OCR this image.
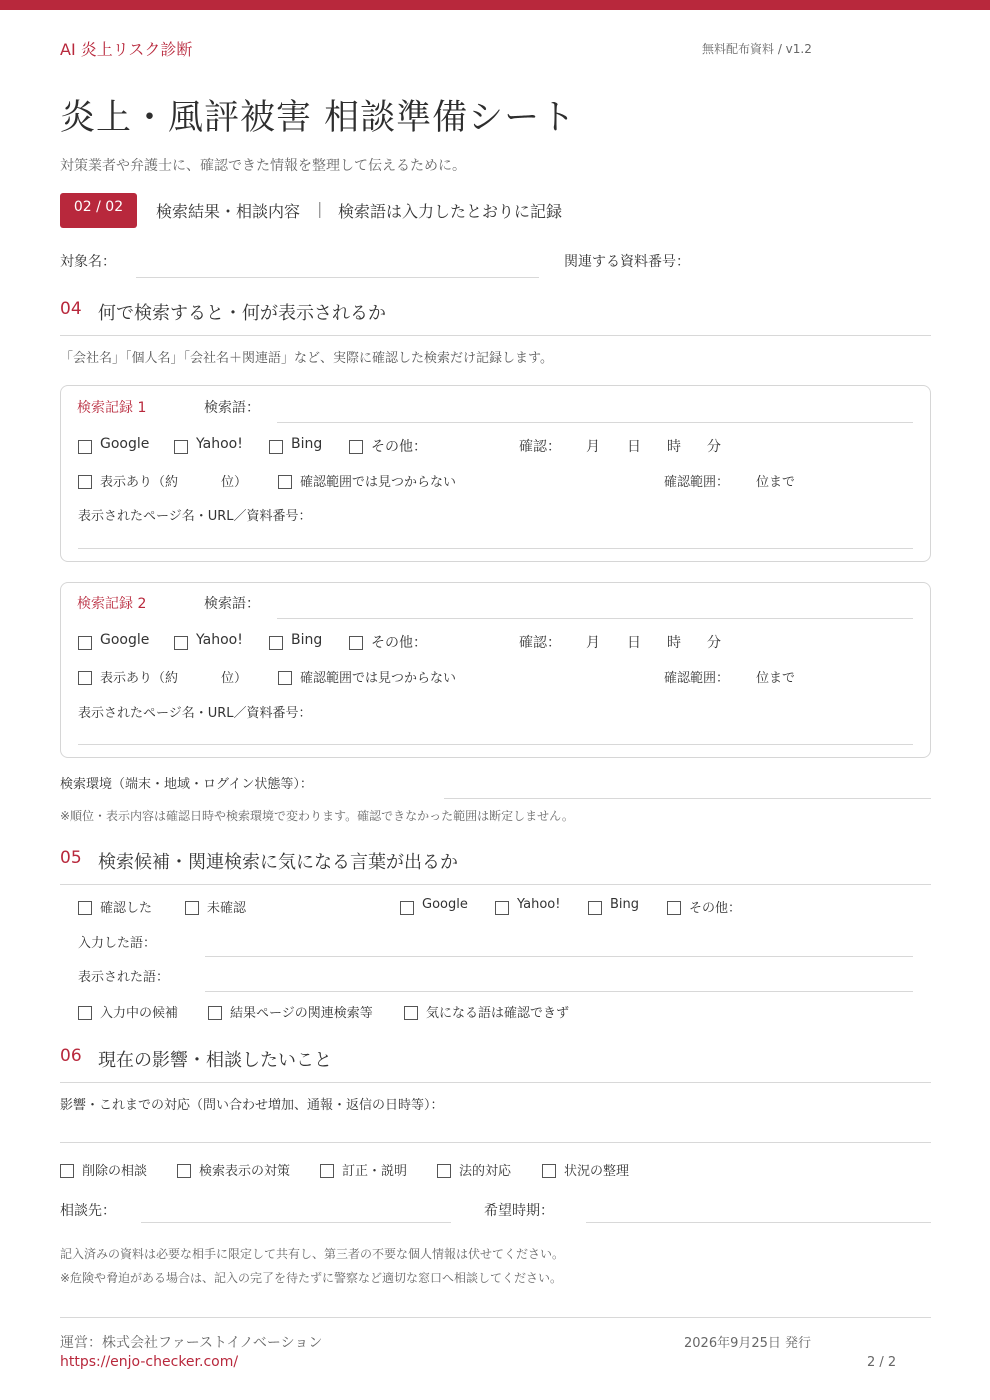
AI 炎上リスク診断	無料配布資料 / v1.2
炎上・風評被害 相談準備シート
対策業者や弁護士に、確認できた情報を整理して伝えるために。
02 / 02	検索結果・相談内容 | 検索語は入力したとおりに記録
対象名：	関連する資料番号：
04 何で検索すると・何が表示されるか
「会社名」「個人名」「会社名＋関連語」など、実際に確認した検索だけ記録します。
検索記録 1	検索語：
Google	Yahoo!	Bing	その他：	確認： 月 日 時 分
表示あり（約	位）	確認範囲では見つからない	確認範囲： 位まで
表示されたページ名・URL／資料番号：
検索記録 2	検索語：
Google	Yahoo!	Bing	その他：	確認： 月 日 時 分
表示あり（約	位）	確認範囲では見つからない	確認範囲： 位まで
表示されたページ名・URL／資料番号：
検索環境（端末・地域・ログイン状態等）：
※順位・表示内容は確認日時や検索環境で変わります。確認できなかった範囲は断定しません。
05 検索候補・関連検索に気になる言葉が出るか
確認した	未確認	Google	Yahoo!	Bing	その他：
入力した語：
表示された語：
入力中の候補	結果ページの関連検索等	気になる語は確認できず
06 現在の影響・相談したいこと
影響・これまでの対応（問い合わせ増加、通報・返信の日時等）：
削除の相談	検索表示の対策	訂正・説明	法的対応	状況の整理
相談先：	希望時期：
記入済みの資料は必要な相手に限定して共有し、第三者の不要な個人情報は伏せてください。
※危険や脅迫がある場合は、記入の完了を待たずに警察など適切な窓口へ相談してください。
運営：株式会社ファーストイノベーション
https://enjo-checker.com/
2026年9月25日 発行
2 / 2
